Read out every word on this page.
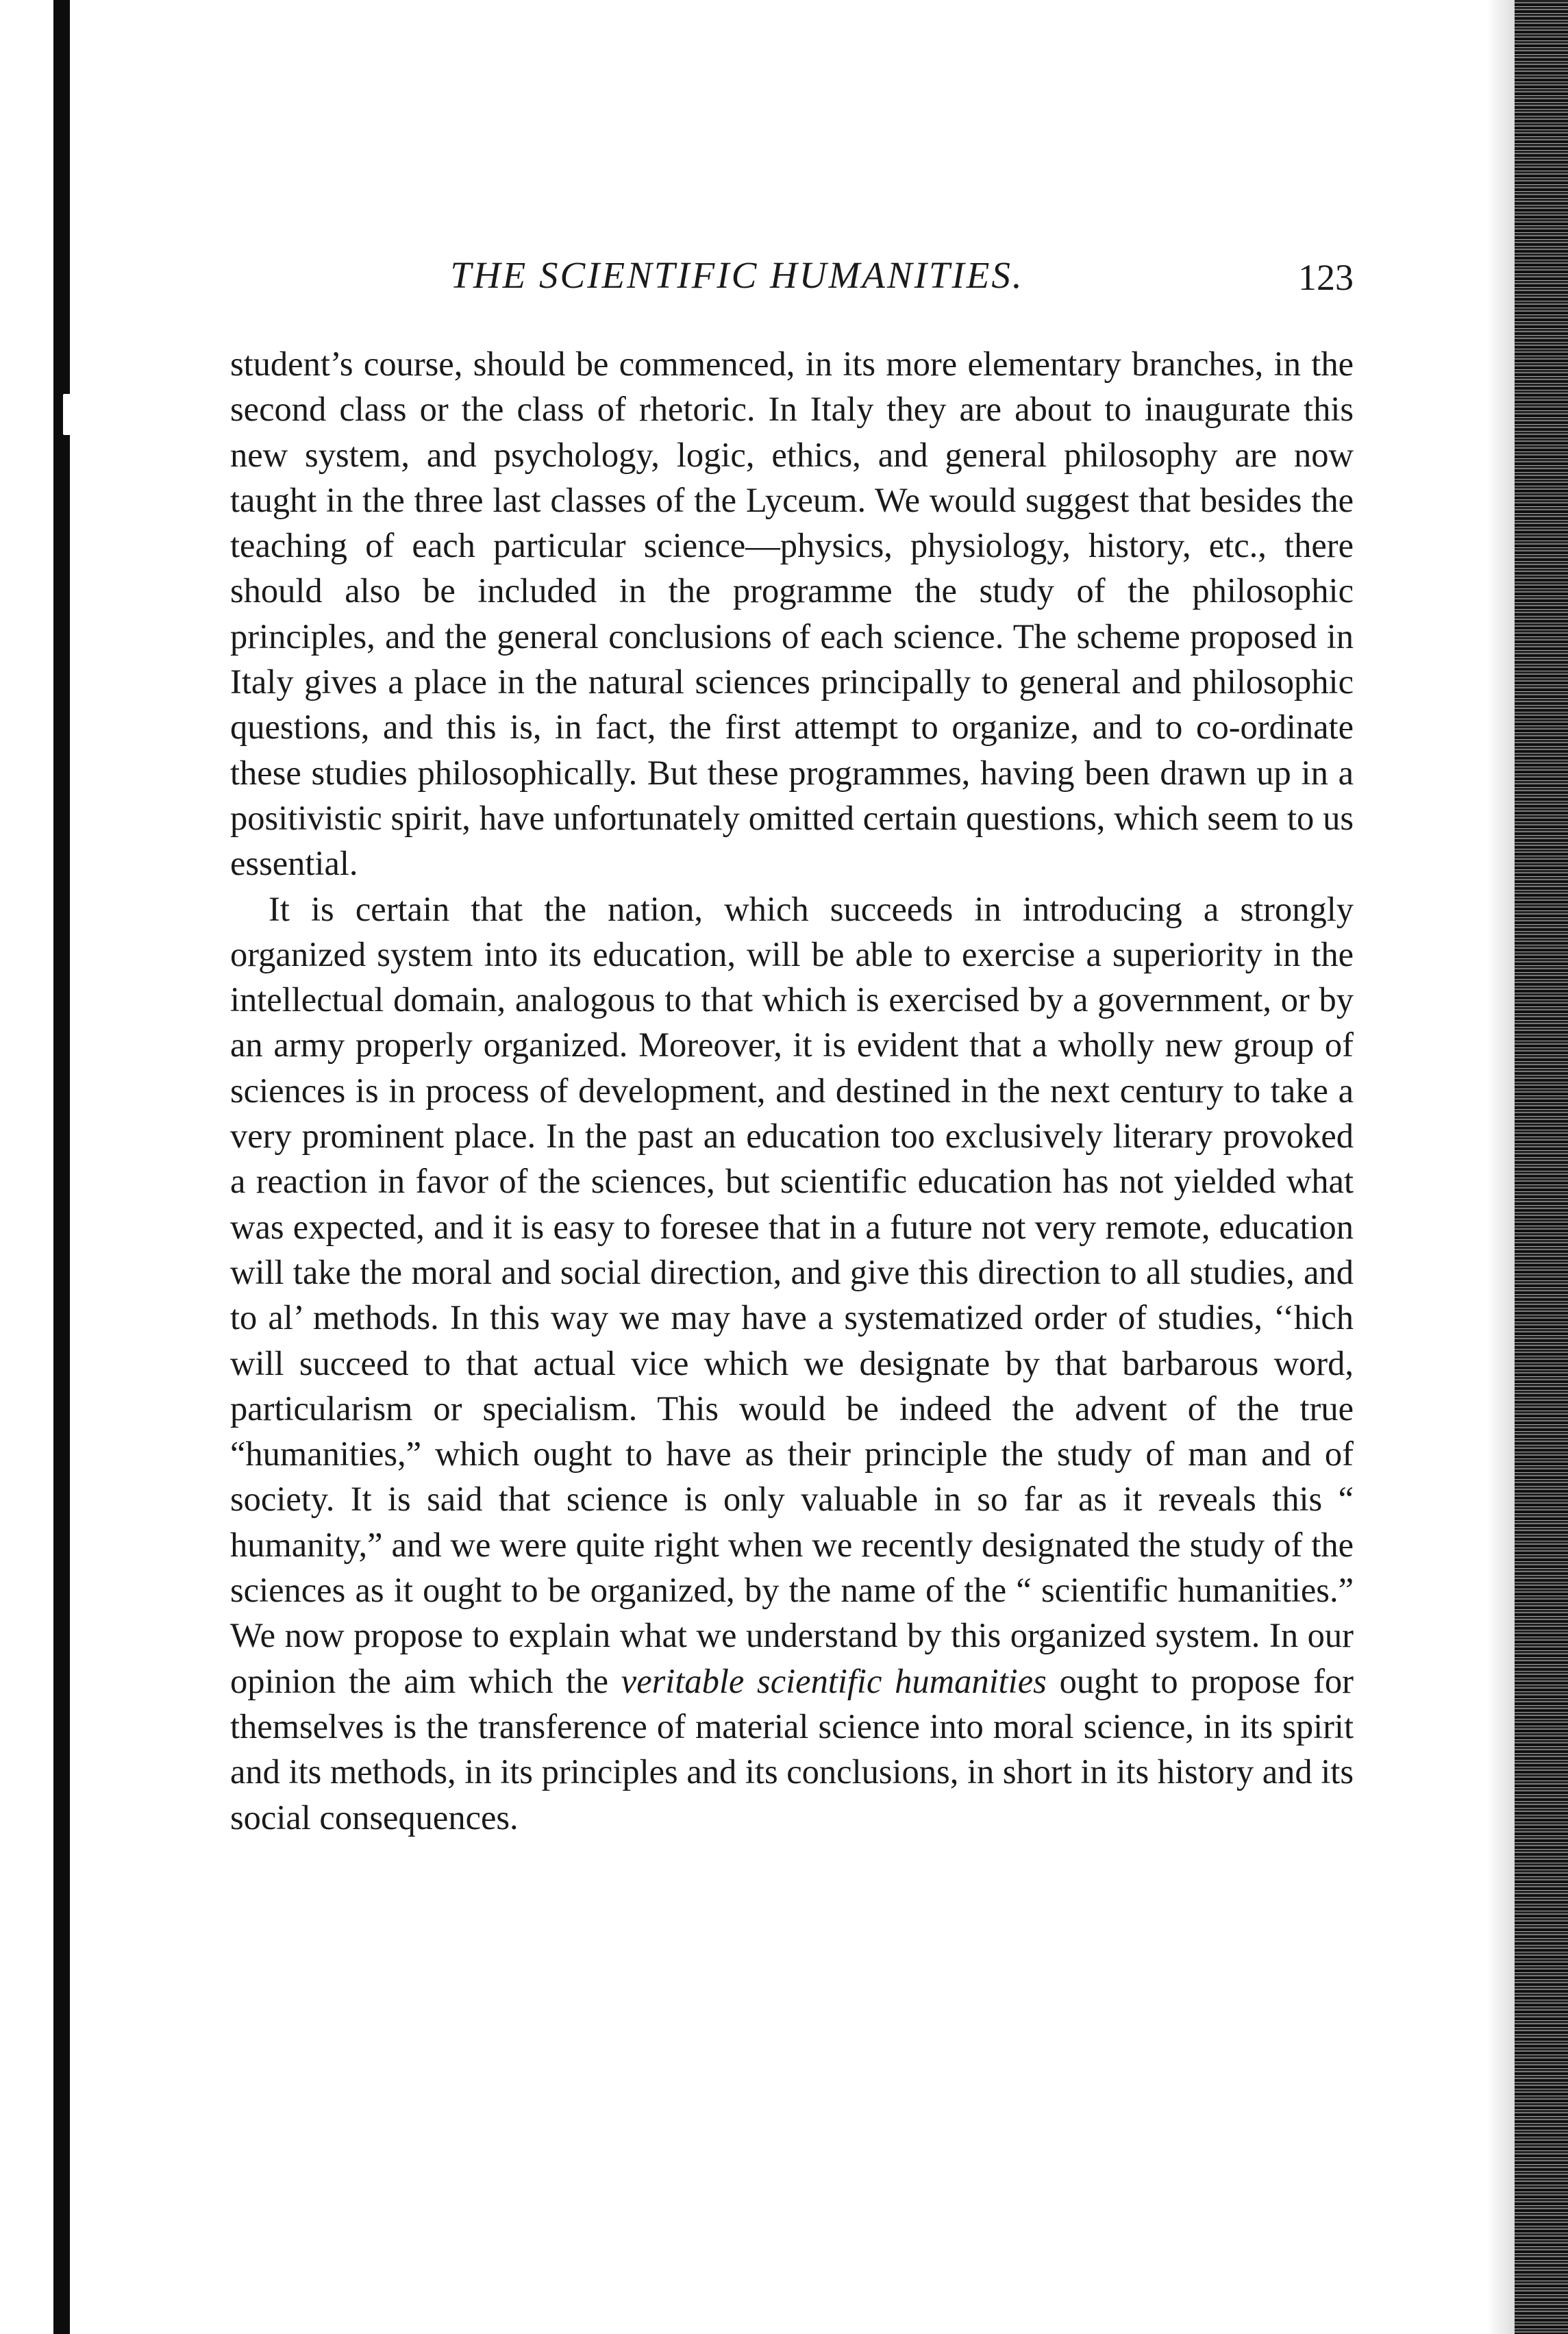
THE SCIENTIFIC HUMANITIES.	123

student’s course, should be commenced, in its more elementary branches, in the second class or the class of rhetoric. In Italy they are about to inaugurate this new system, and psychology, logic, ethics, and general philosophy are now taught in the three last classes of the Lyceum. We would suggest that besides the teaching of each particular science—physics, physiology, history, etc., there should also be included in the programme the study of the philosophic principles, and the general conclusions of each science. The scheme proposed in Italy gives a place in the natural sciences principally to general and philosophic questions, and this is, in fact, the first attempt to organize, and to co-ordinate these studies philosophically. But these programmes, having been drawn up in a positivistic spirit, have unfortunately omitted certain questions, which seem to us essential.

It is certain that the nation, which succeeds in introducing a strongly organized system into its education, will be able to exercise a superiority in the intellectual domain, analogous to that which is exercised by a government, or by an army properly organized. Moreover, it is evident that a wholly new group of sciences is in process of development, and destined in the next century to take a very prominent place. In the past an education too exclusively literary provoked a reaction in favor of the sciences, but scientific education has not yielded what was expected, and it is easy to foresee that in a future not very remote, education will take the moral and social direction, and give this direction to all studies, and to al’ methods. In this way we may have a systematized order of studies, ‘‘hich will succeed to that actual vice which we designate by that barbarous word, particularism or specialism. This would be indeed the advent of the true “humanities,” which ought to have as their principle the study of man and of society. It is said that science is only valuable in so far as it reveals this “ humanity,” and we were quite right when we recently designated the study of the sciences as it ought to be organized, by the name of the “ scientific humanities.” We now propose to explain what we understand by this organized system. In our opinion the aim which the veritable scientific humanities ought to propose for themselves is the transference of material science into moral science, in its spirit and its methods, in its principles and its conclusions, in short in its history and its social consequences.
